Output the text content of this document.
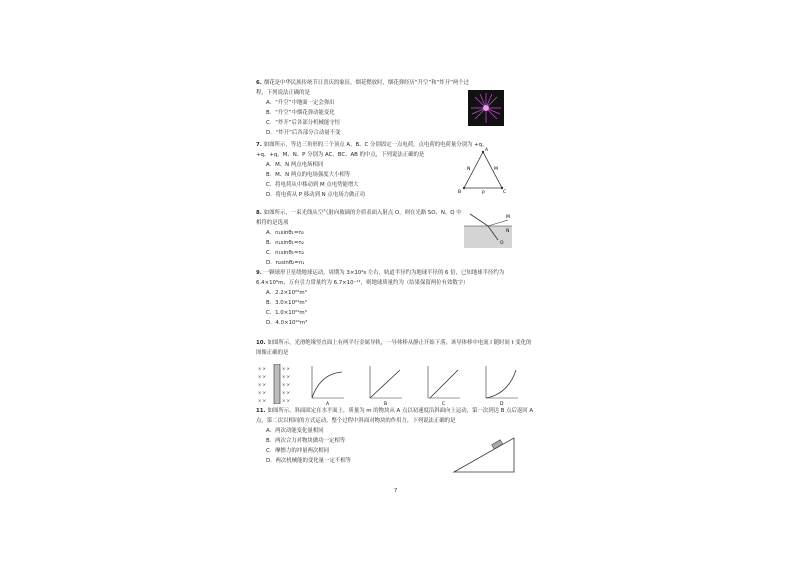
6. 烟花是中华民族传统节日喜庆的象征。烟花燃放时，烟花弹经历“升空”和“炸开”两个过程，下列说法正确的是
A．“升空”中地面一定会弹出
B．“升空”中烟花弹动能变化
C．“炸开”后各部分机械能守恒
D．“炸开”后各部分合动量不变
7. 如图所示，等边三角形的三个顶点 A、B、C 分别固定一点电荷，点电荷的电荷量分别为 +q、+q、+q，M、N、P 分别为 AC、BC、AB 的中点，下列说法正确的是
A．M、N 两点电场相同
B．M、N 两点的电场强度大小相等
C．将电荷从中移动到 M 点电势能增大
D．将电荷从 P 移动到 N 点电场力做正功
A
B	C
M
N
P
8. 如图所示，一束光线从空气射向玻璃的介质表面入射点 O，则在光路 SO、N、Q 中相符的是选项
A．n₁sinθ₁=n₂
B．n₁sinθ₁=n₂
C．n₁sinθ₁=n₂
D．n₂sinθ₂=n₁
M
N
O
9. 一颗球形卫星绕地球运动，周期为 3×10⁴s 左右，轨道半径约为地球半径的 6 倍，已知地球半径约为 6.4×10⁶m，万有引力常量约为 6.7×10⁻¹¹，则地球质量约为（结果保留两位有效数字）
A．2.2×10²²m³
B．3.0×10²⁴m³
C．1.0×10²⁴m³
D．4.0×10²⁴m³
10. 如图所示，光滑绝缘竖直面上有两平行金属导轨，一导体棒从静止开始下落，该导体棒中电流 I 随时间 t 变化的图像正确的是
× ×	× ×
× ×	× ×
× ×	× ×
× ×	× ×
× ×	× ×
A	B	C	D
11. 如图所示，斜面固定在水平面上，质量为 m 的物块从 A 点以初速度沿斜面向上运动，第一次到达 B 点后返回 A 点，第二次以相同的方式运动，整个过程中斜面对物块的作用力，下列说法正确的是
A．两次动能变化量相同
B．两次合力对物块做功一定相等
C．摩擦力的冲量两次相同
D．两次机械能的变化量一定不相等
7
